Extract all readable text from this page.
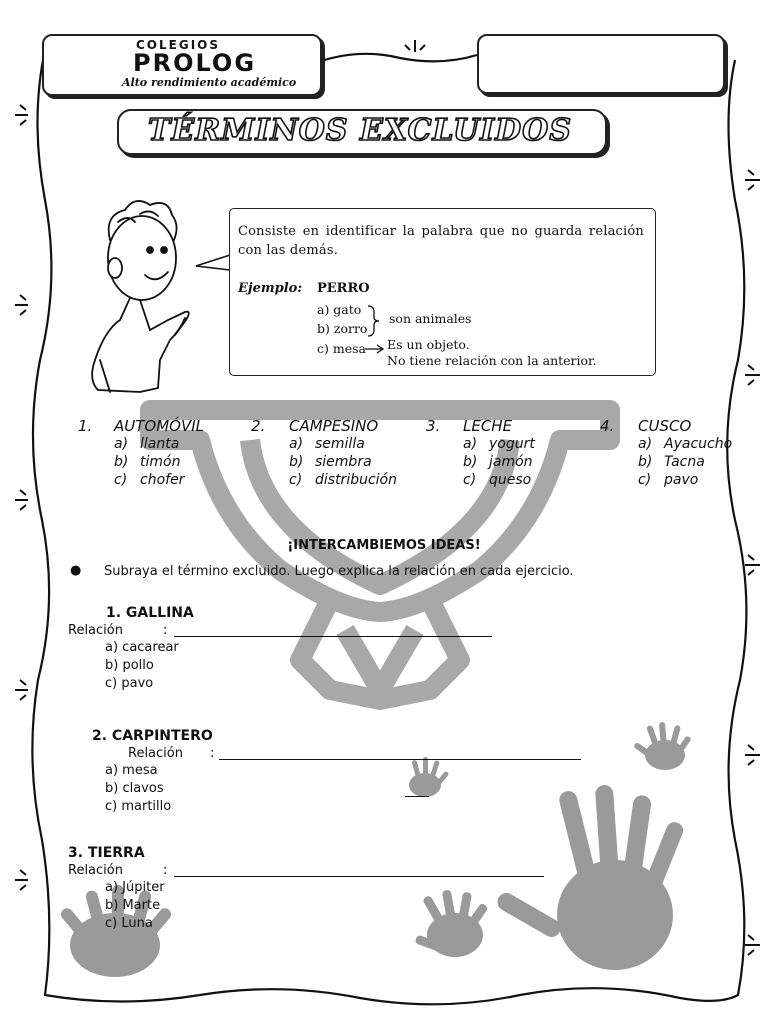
COLEGIOS
PROLOG
Alto rendimiento académico
TÉRMINOS EXCLUIDOS
Consiste en identificar la palabra que no guarda relación con las demás.
Ejemplo: PERRO
a) gato
b) zorro
c) mesa
son animales
Es un objeto.
No tiene relación con la anterior.
1. AUTOMÓVIL
a) llanta
b) timón
c) chofer
2. CAMPESINO
a) semilla
b) siembra
c) distribución
3. LECHE
a) yogurt
b) jamón
c) queso
4. CUSCO
a) Ayacucho
b) Tacna
c) pavo
¡INTERCAMBIEMOS IDEAS!
● Subraya el término excluido. Luego explica la relación en cada ejercicio.
1. GALLINA
Relación	:
a) cacarear
b) pollo
c) pavo
2. CARPINTERO
Relación :
a) mesa
b) clavos
c) martillo
3. TIERRA
Relación	:
a) Júpiter
b) Marte
c) Luna
